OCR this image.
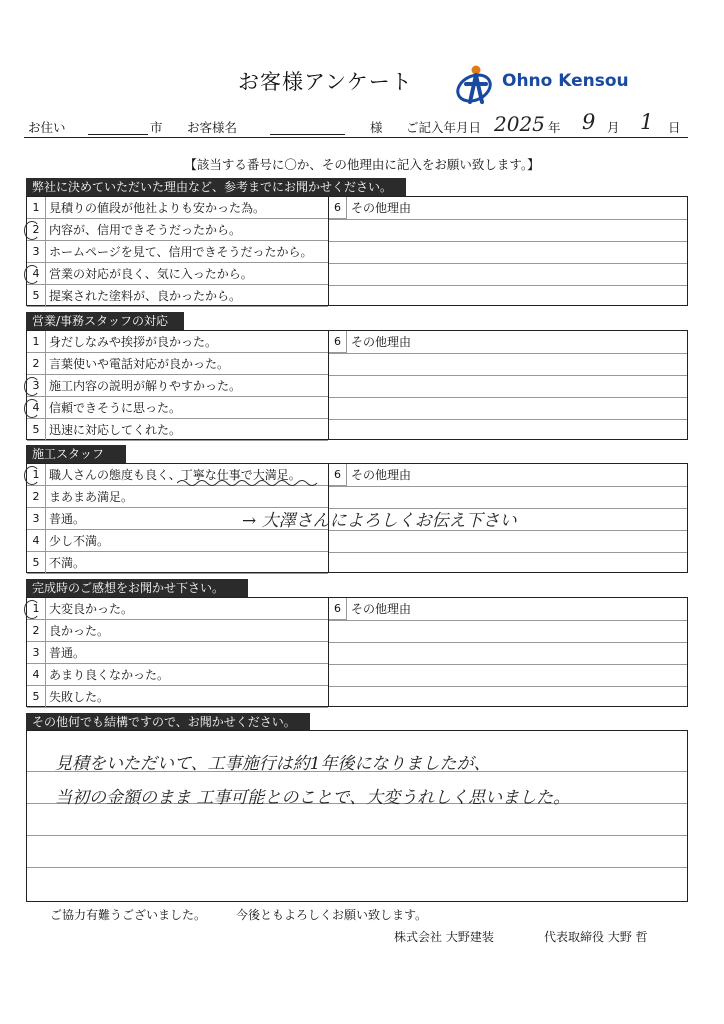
お客様アンケート	Ohno Kensou
お住い	市 お客様名	様 ご記入年月日 2025 年 9 月 1 日
【該当する番号に〇か、その他理由に記入をお願い致します。】
弊社に決めていただいた理由など、参考までにお聞かせください。
1 見積りの値段が他社よりも安かった為。
2 内容が、信用できそうだったから。
3 ホームページを見て、信用できそうだったから。
4 営業の対応が良く、気に入ったから。
5 提案された塗料が、良かったから。
6 その他理由
営業/事務スタッフの対応
1 身だしなみや挨拶が良かった。
2 言葉使いや電話対応が良かった。
3 施工内容の説明が解りやすかった。
4 信頼できそうに思った。
5 迅速に対応してくれた。
6 その他理由
施工スタッフ
1 職人さんの態度も良く、丁寧な仕事で大満足。
2 まあまあ満足。
3 普通。
4 少し不満。
5 不満。
6 その他理由
→ 大澤さんによろしくお伝え下さい
完成時のご感想をお聞かせ下さい。
1 大変良かった。
2 良かった。
3 普通。
4 あまり良くなかった。
5 失敗した。
6 その他理由
その他何でも結構ですので、お聞かせください。
見積をいただいて、工事施行は約1年後になりましたが、
当初の金額のまま 工事可能とのことで、大変うれしく思いました。
ご協力有難うございました。 今後ともよろしくお願い致します。
株式会社 大野建装	代表取締役 大野 哲
